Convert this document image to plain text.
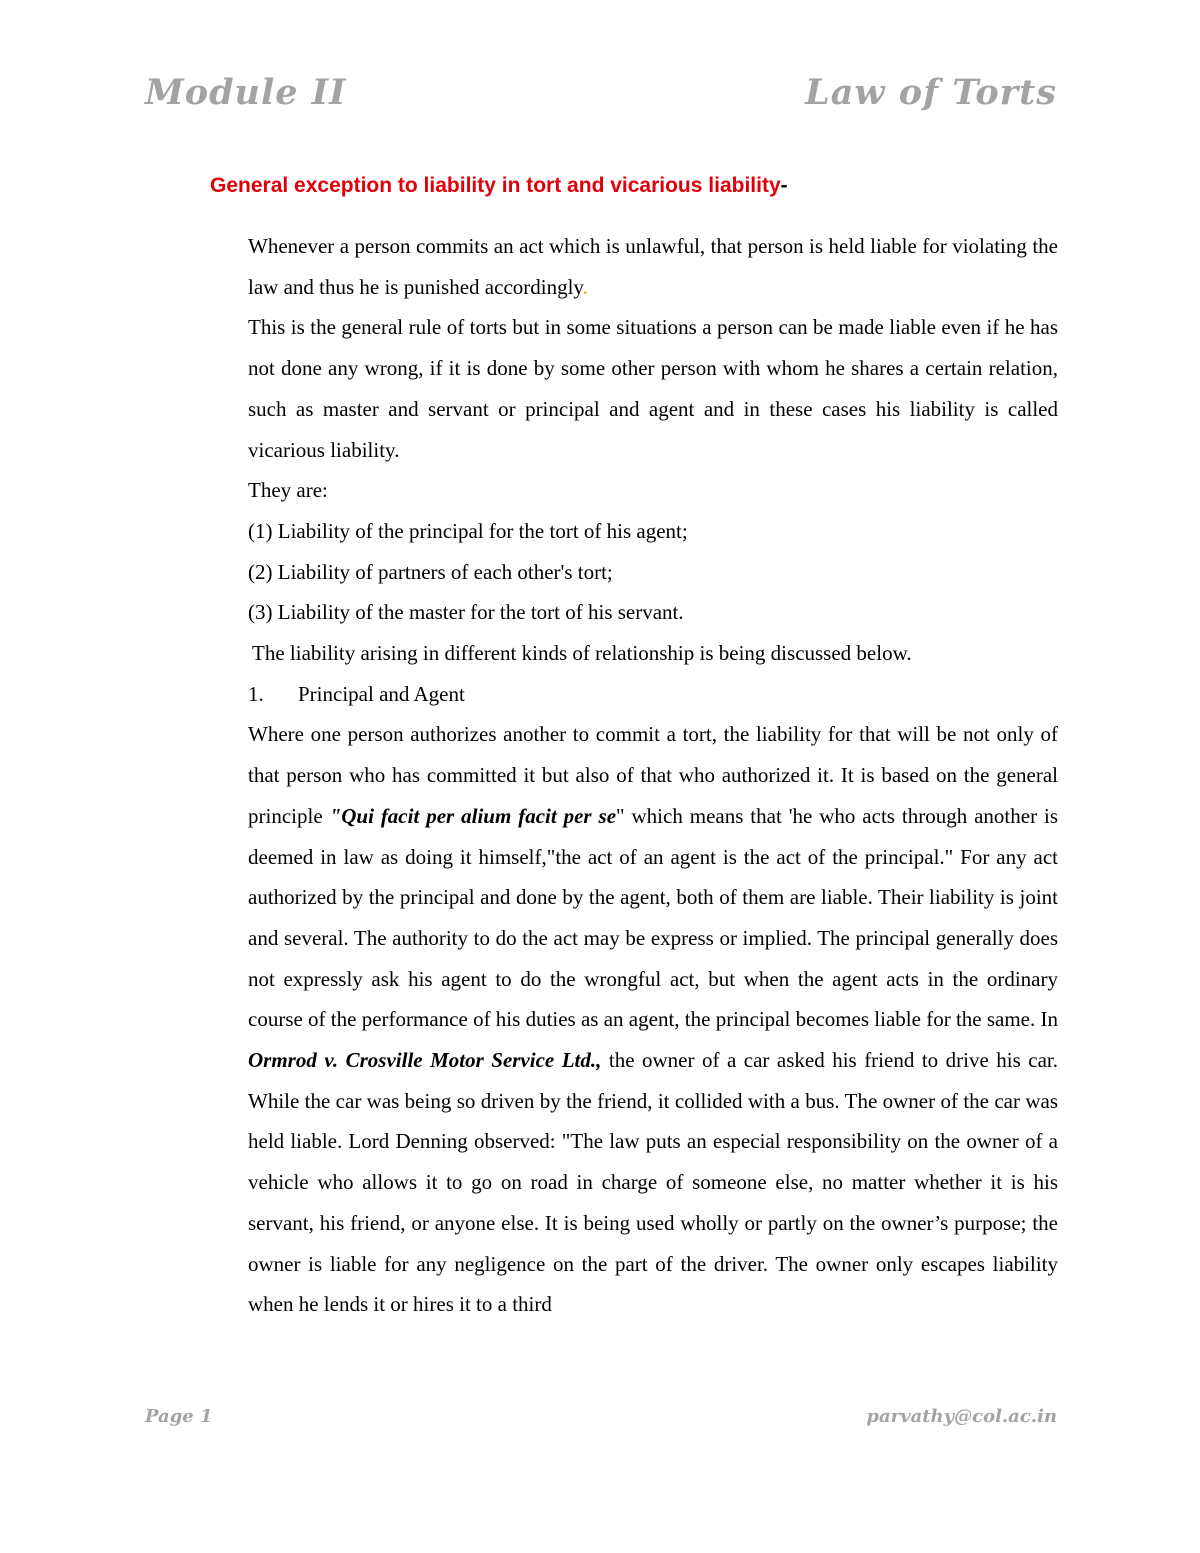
Module II	Law of Torts
General exception to liability in tort and vicarious liability-

Whenever a person commits an act which is unlawful, that person is held liable for violating the law and thus he is punished accordingly.

This is the general rule of torts but in some situations a person can be made liable even if he has not done any wrong, if it is done by some other person with whom he shares a certain relation, such as master and servant or principal and agent and in these cases his liability is called vicarious liability.

They are:

(1) Liability of the principal for the tort of his agent;

(2) Liability of partners of each other's tort;

(3) Liability of the master for the tort of his servant.

The liability arising in different kinds of relationship is being discussed below.

1.	Principal and Agent

Where one person authorizes another to commit a tort, the liability for that will be not only of that person who has committed it but also of that who authorized it. It is based on the general principle "Qui facit per alium facit per se" which means that 'he who acts through another is deemed in law as doing it himself,"the act of an agent is the act of the principal." For any act authorized by the principal and done by the agent, both of them are liable. Their liability is joint and several. The authority to do the act may be express or implied. The principal generally does not expressly ask his agent to do the wrongful act, but when the agent acts in the ordinary course of the performance of his duties as an agent, the principal becomes liable for the same. In Ormrod v. Crosville Motor Service Ltd., the owner of a car asked his friend to drive his car. While the car was being so driven by the friend, it collided with a bus. The owner of the car was held liable. Lord Denning observed: "The law puts an especial responsibility on the owner of a vehicle who allows it to go on road in charge of someone else, no matter whether it is his servant, his friend, or anyone else. It is being used wholly or partly on the owner’s purpose; the owner is liable for any negligence on the part of the driver. The owner only escapes liability when he lends it or hires it to a third

Page 1	parvathy@col.ac.in
